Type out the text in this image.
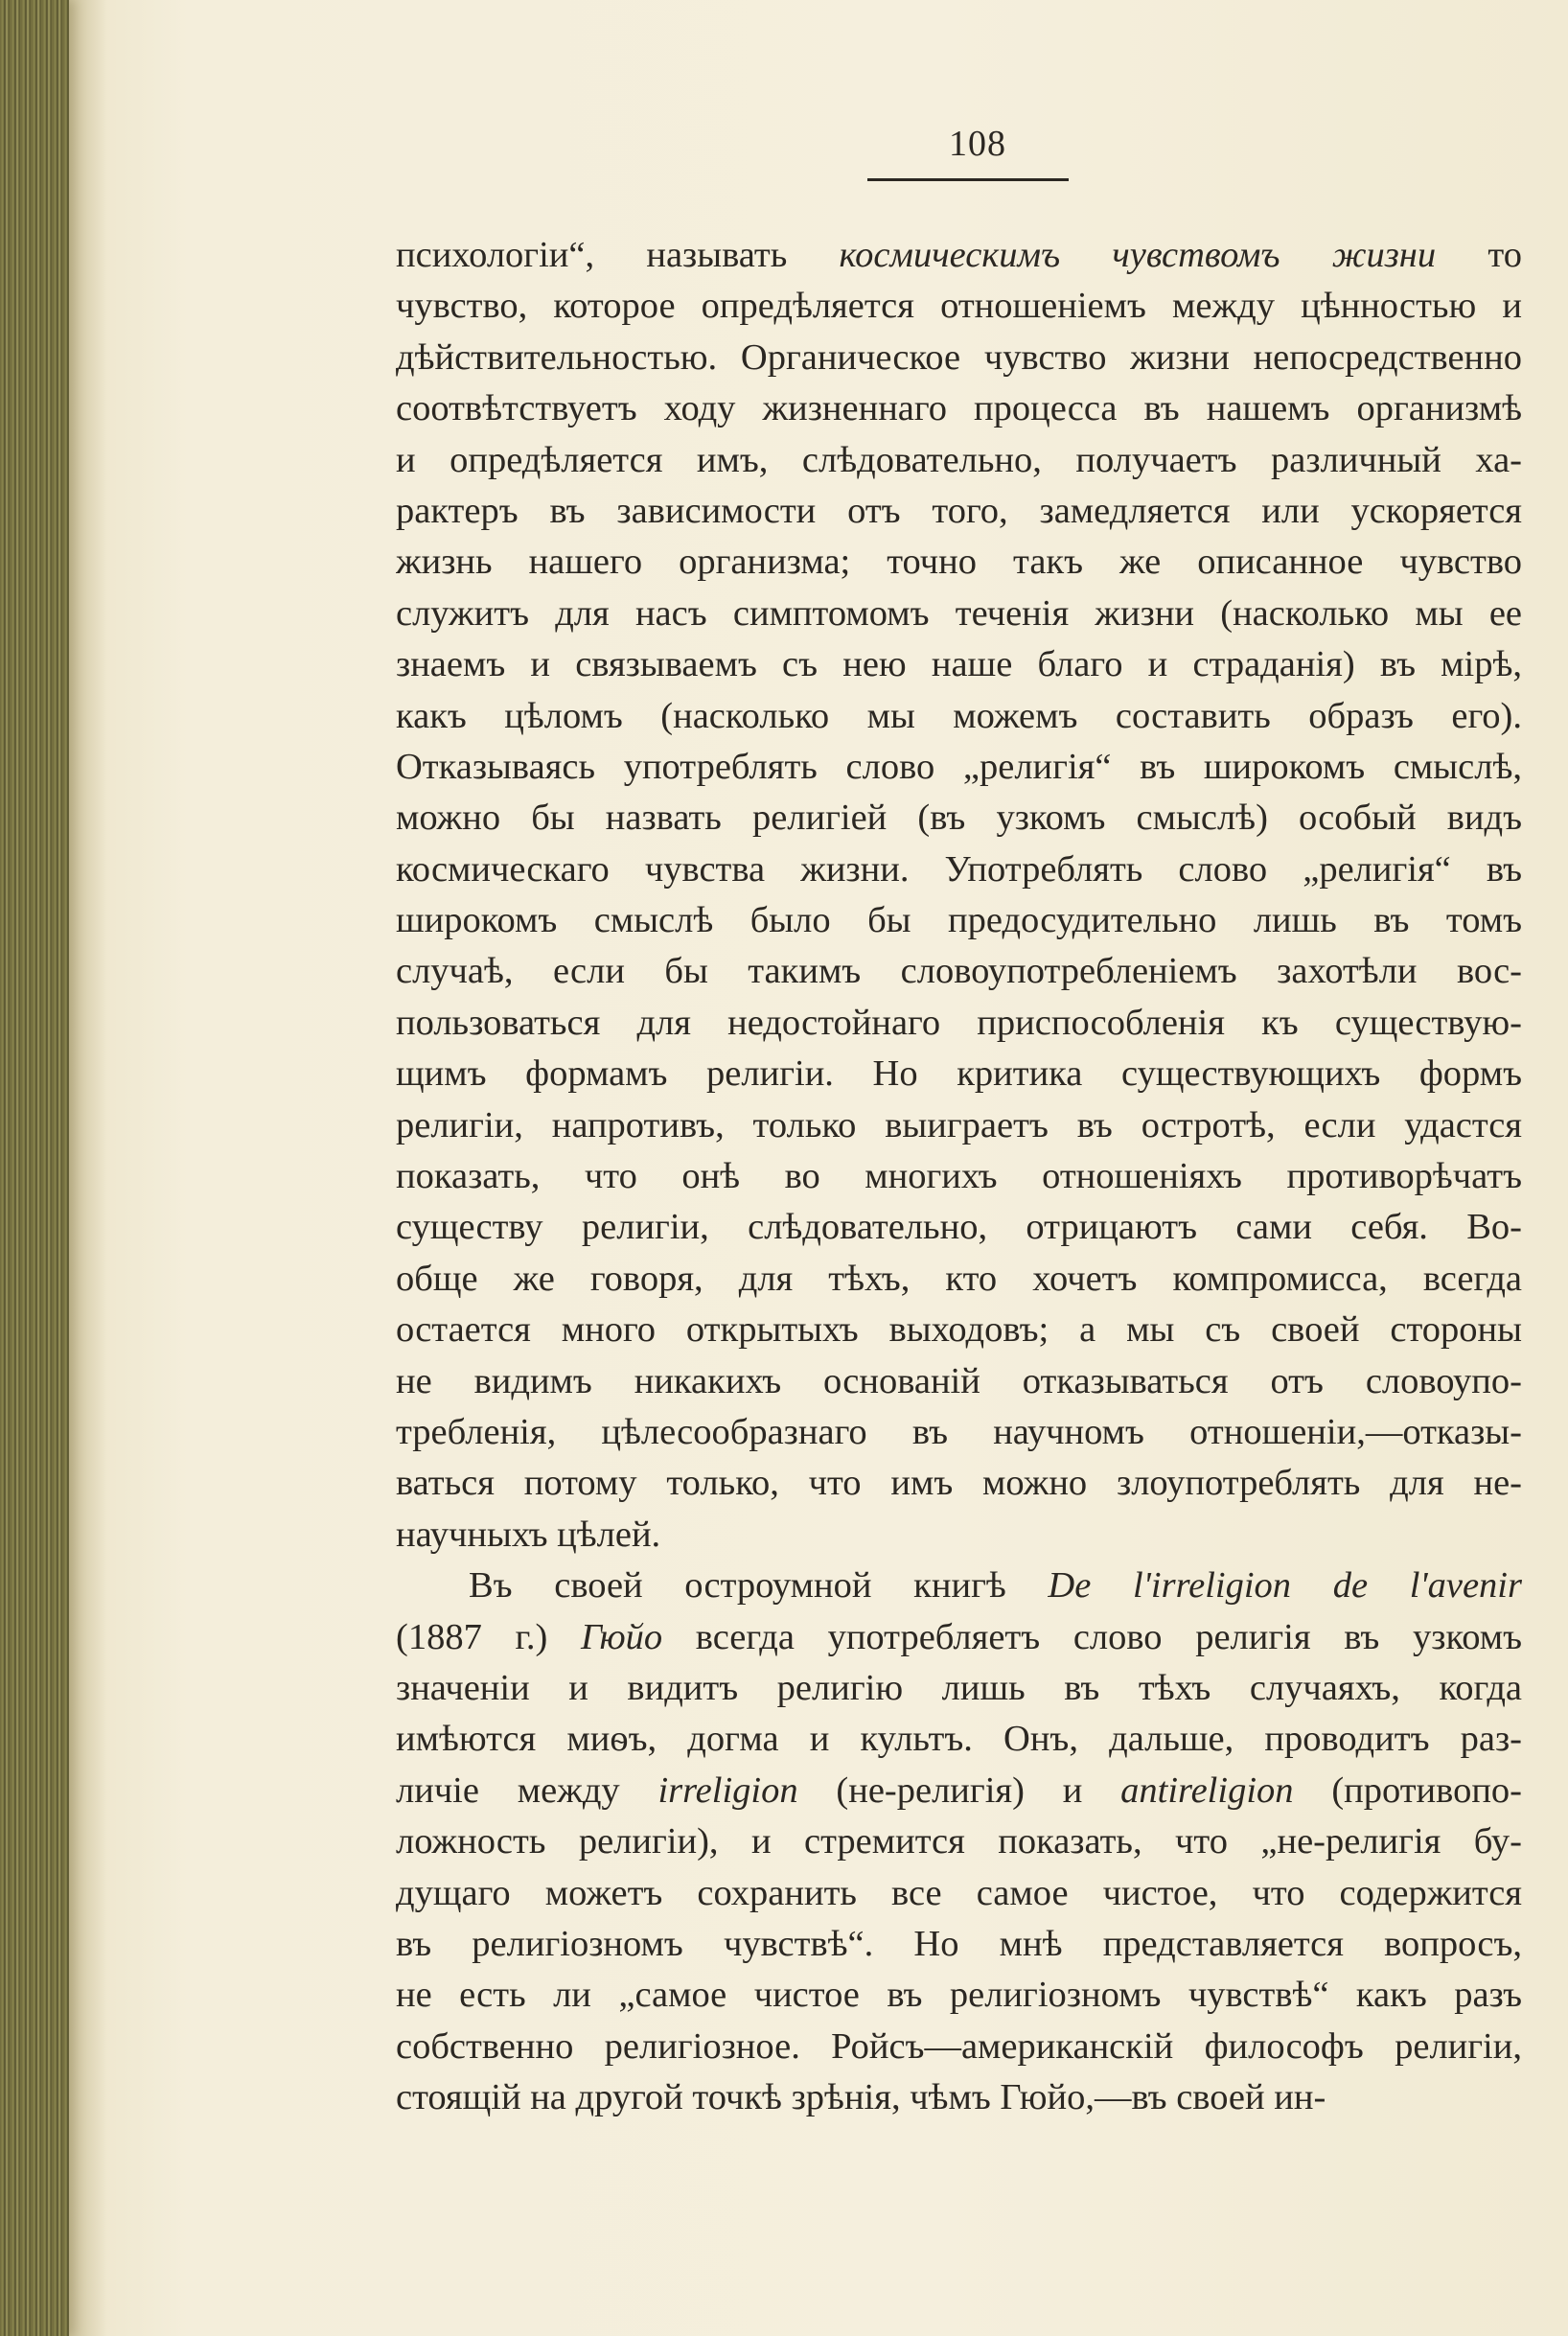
108
психологіи“, называть космическимъ чувствомъ жизни то
чувство, которое опредѣляется отношеніемъ между цѣнностью и
дѣйствительностью. Органическое чувство жизни непосредственно
соотвѣтствуетъ ходу жизненнаго процесса въ нашемъ организмѣ
и опредѣляется имъ, слѣдовательно, получаетъ различный ха-
рактеръ въ зависимости отъ того, замедляется или ускоряется
жизнь нашего организма; точно такъ же описанное чувство
служитъ для насъ симптомомъ теченія жизни (насколько мы ее
знаемъ и связываемъ съ нею наше благо и страданія) въ мірѣ,
какъ цѣломъ (насколько мы можемъ составить образъ его).
Отказываясь употреблять слово „религія“ въ широкомъ смыслѣ,
можно бы назвать религіей (въ узкомъ смыслѣ) особый видъ
космическаго чувства жизни. Употреблять слово „религія“ въ
широкомъ смыслѣ было бы предосудительно лишь въ томъ
случаѣ, если бы такимъ словоупотребленіемъ захотѣли вос-
пользоваться для недостойнаго приспособленія къ существую-
щимъ формамъ религіи. Но критика существующихъ формъ
религіи, напротивъ, только выиграетъ въ остротѣ, если удастся
показать, что онѣ во многихъ отношеніяхъ противорѣчатъ
существу религіи, слѣдовательно, отрицаютъ сами себя. Во-
обще же говоря, для тѣхъ, кто хочетъ компромисса, всегда
остается много открытыхъ выходовъ; а мы съ своей стороны
не видимъ никакихъ основаній отказываться отъ словоупо-
требленія, цѣлесообразнаго въ научномъ отношеніи,—отказы-
ваться потому только, что имъ можно злоупотреблять для не-
научныхъ цѣлей.
Въ своей остроумной книгѣ De l'irreligion de l'avenir
(1887 г.) Гюйо всегда употребляетъ слово религія въ узкомъ
значеніи и видитъ религію лишь въ тѣхъ случаяхъ, когда
имѣются миѳъ, догма и культъ. Онъ, дальше, проводитъ раз-
личіе между irreligion (не-религія) и antireligion (противопо-
ложность религіи), и стремится показать, что „не-религія бу-
дущаго можетъ сохранить все самое чистое, что содержится
въ религіозномъ чувствѣ“. Но мнѣ представляется вопросъ,
не есть ли „самое чистое въ религіозномъ чувствѣ“ какъ разъ
собственно религіозное. Ройсъ—американскій философъ религіи,
стоящій на другой точкѣ зрѣнія, чѣмъ Гюйо,—въ своей ин-
